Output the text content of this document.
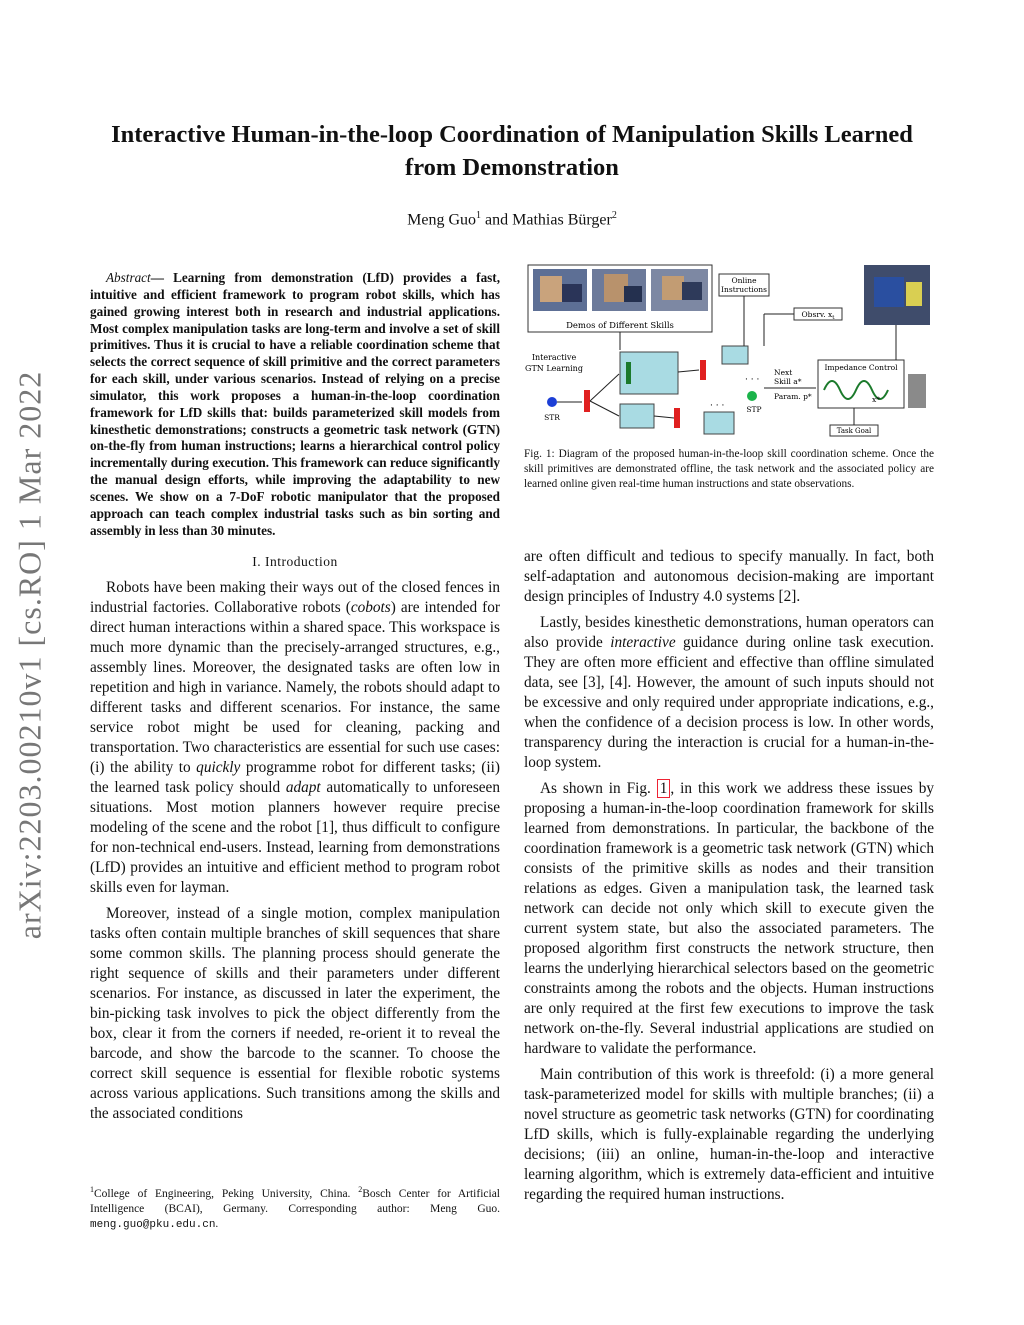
arXiv:2203.00210v1 [cs.RO] 1 Mar 2022
Interactive Human-in-the-loop Coordination of Manipulation Skills Learned from Demonstration
Meng Guo$^1$ and Mathias Bürger$^2$

Abstract— Learning from demonstration (LfD) provides a fast, intuitive and efficient framework to program robot skills, which has gained growing interest both in research and industrial applications. Most complex manipulation tasks are long-term and involve a set of skill primitives. Thus it is crucial to have a reliable coordination scheme that selects the correct sequence of skill primitive and the correct parameters for each skill, under various scenarios. Instead of relying on a precise simulator, this work proposes a human-in-the-loop coordination framework for LfD skills that: builds parameterized skill models from kinesthetic demonstrations; constructs a geometric task network (GTN) on-the-fly from human instructions; learns a hierarchical control policy incrementally during execution. This framework can reduce significantly the manual design efforts, while improving the adaptability to new scenes. We show on a 7-DoF robotic manipulator that the proposed approach can teach complex industrial tasks such as bin sorting and assembly in less than 30 minutes.

I. Introduction

Robots have been making their ways out of the closed fences in industrial factories. Collaborative robots (cobots) are intended for direct human interactions within a shared space. This workspace is much more dynamic than the precisely-arranged structures, e.g., assembly lines. Moreover, the designated tasks are often low in repetition and high in variance. Namely, the robots should adapt to different tasks and different scenarios. For instance, the same service robot might be used for cleaning, packing and transportation. Two characteristics are essential for such use cases: (i) the ability to quickly programme robot for different tasks; (ii) the learned task policy should adapt automatically to unforeseen situations. Most motion planners however require precise modeling of the scene and the robot [1], thus difficult to configure for non-technical end-users. Instead, learning from demonstrations (LfD) provides an intuitive and efficient method to program robot skills even for layman.

Moreover, instead of a single motion, complex manipulation tasks often contain multiple branches of skill sequences that share some common skills. The planning process should generate the right sequence of skills and their parameters under different scenarios. For instance, as discussed in later the experiment, the bin-picking task involves to pick the object differently from the box, clear it from the corners if needed, re-orient it to reveal the barcode, and show the barcode to the scanner. To choose the correct skill sequence is essential for flexible robotic systems across various applications. Such transitions among the skills and the associated conditions

$^1$College of Engineering, Peking University, China. $^2$Bosch Center for Artificial Intelligence (BCAI), Germany. Corresponding author: Meng Guo. meng.guo@pku.edu.cn.
Demos of Different Skills
Online
Instructions
Obsrv. $x_t$
Interactive
GTN Learning
STR
· · ·
· · ·	STP
Next
Skill a*
Param. p*
Impedance Control
x*
Task Goal
Fig. 1: Diagram of the proposed human-in-the-loop skill coordination scheme. Once the skill primitives are demonstrated offline, the task network and the associated policy are learned online given real-time human instructions and state observations.

are often difficult and tedious to specify manually. In fact, both self-adaptation and autonomous decision-making are important design principles of Industry 4.0 systems [2].

Lastly, besides kinesthetic demonstrations, human operators can also provide interactive guidance during online task execution. They are often more efficient and effective than offline simulated data, see [3], [4]. However, the amount of such inputs should not be excessive and only required under appropriate indications, e.g., when the confidence of a decision process is low. In other words, transparency during the interaction is crucial for a human-in-the-loop system.

As shown in Fig. 1 , in this work we address these issues by proposing a human-in-the-loop coordination framework for skills learned from demonstrations. In particular, the backbone of the coordination framework is a geometric task network (GTN) which consists of the primitive skills as nodes and their transition relations as edges. Given a manipulation task, the learned task network can decide not only which skill to execute given the current system state, but also the associated parameters. The proposed algorithm first constructs the network structure, then learns the underlying hierarchical selectors based on the geometric constraints among the robots and the objects. Human instructions are only required at the first few executions to improve the task network on-the-fly. Several industrial applications are studied on hardware to validate the performance.

Main contribution of this work is threefold: (i) a more general task-parameterized model for skills with multiple branches; (ii) a novel structure as geometric task networks (GTN) for coordinating LfD skills, which is fully-explainable regarding the underlying decisions; (iii) an online, human-in-the-loop and interactive learning algorithm, which is extremely data-efficient and intuitive regarding the required human instructions.
